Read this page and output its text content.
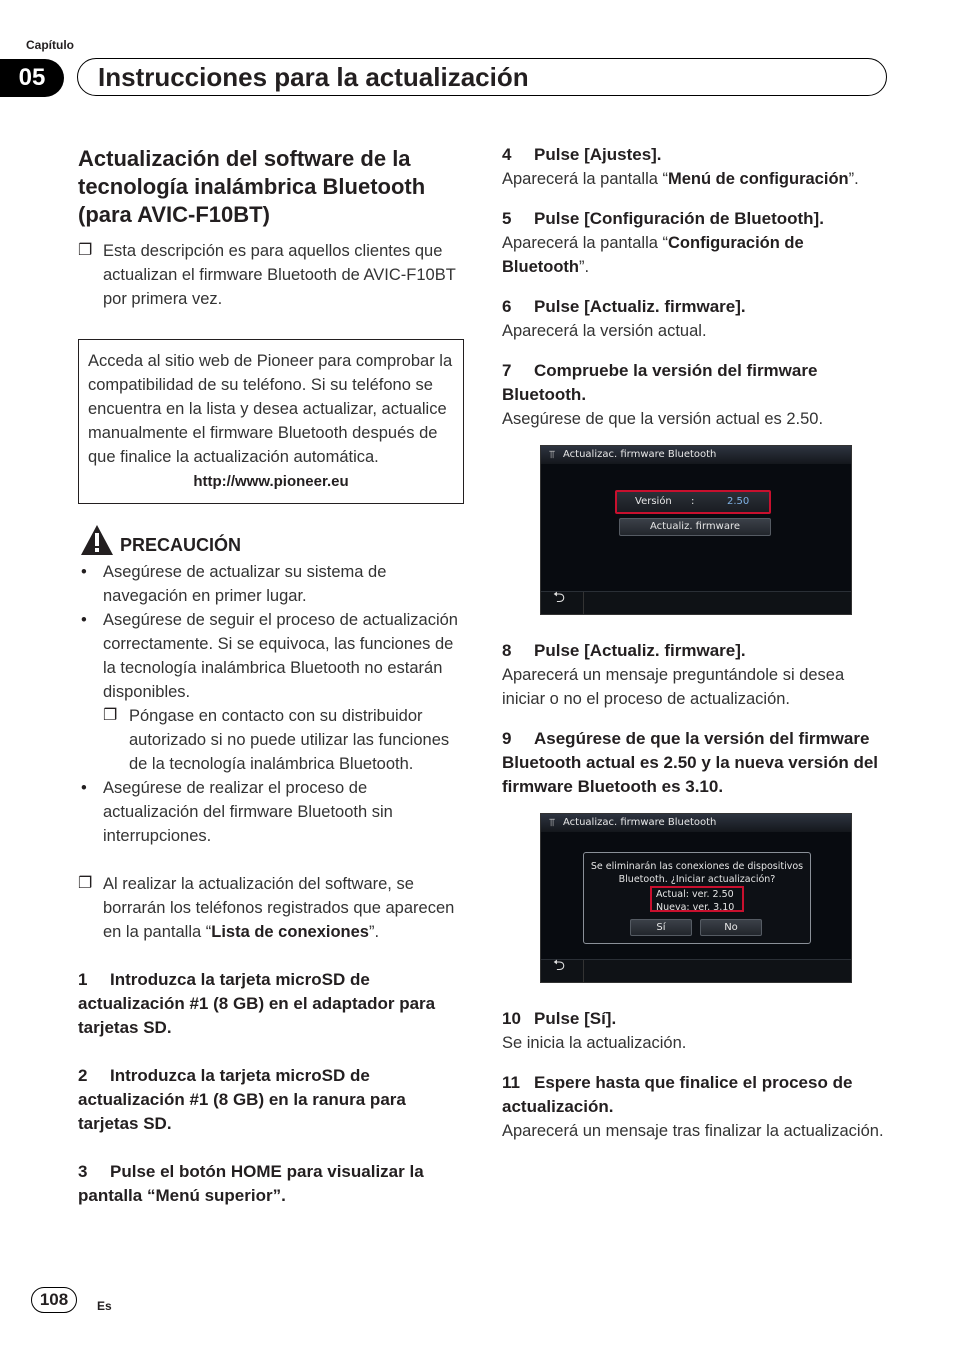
Capítulo
05	Instrucciones para la actualización
Actualización del software de la tecnología inalámbrica Bluetooth (para AVIC-F10BT)
❐ Esta descripción es para aquellos clientes que actualizan el firmware Bluetooth de AVIC-F10BT por primera vez.
Acceda al sitio web de Pioneer para comprobar la compatibilidad de su teléfono. Si su teléfono se encuentra en la lista y desea actualizar, actualice manualmente el firmware Bluetooth después de que finalice la actualización automática.
http://www.pioneer.eu
PRECAUCIÓN
• Asegúrese de actualizar su sistema de navegación en primer lugar.
• Asegúrese de seguir el proceso de actualización correctamente. Si se equivoca, las funciones de la tecnología inalámbrica Bluetooth no estarán disponibles.
❐ Póngase en contacto con su distribuidor autorizado si no puede utilizar las funciones de la tecnología inalámbrica Bluetooth.
• Asegúrese de realizar el proceso de actualización del firmware Bluetooth sin interrupciones.
❐ Al realizar la actualización del software, se borrarán los teléfonos registrados que aparecen en la pantalla “Lista de conexiones”.
1 Introduzca la tarjeta microSD de actualización #1 (8 GB) en el adaptador para tarjetas SD.
2 Introduzca la tarjeta microSD de actualización #1 (8 GB) en la ranura para tarjetas SD.
3 Pulse el botón HOME para visualizar la pantalla “Menú superior”.
4 Pulse [Ajustes].
Aparecerá la pantalla “Menú de configuración”.
5 Pulse [Configuración de Bluetooth].
Aparecerá la pantalla “Configuración de Bluetooth”.
6 Pulse [Actualiz. firmware].
Aparecerá la versión actual.
7 Compruebe la versión del firmware Bluetooth.
Asegúrese de que la versión actual es 2.50.
⫪ Actualizac. firmware Bluetooth
Versión :	2.50
Actualiz. firmware
⮌
8 Pulse [Actualiz. firmware].
Aparecerá un mensaje preguntándole si desea iniciar o no el proceso de actualización.
9 Asegúrese de que la versión del firmware Bluetooth actual es 2.50 y la nueva versión del firmware Bluetooth es 3.10.
⫪ Actualizac. firmware Bluetooth
Se eliminarán las conexiones de dispositivos
Bluetooth. ¿Iniciar actualización?
Actual: ver. 2.50
Nueva: ver. 3.10
Sí	No
⮌
10 Pulse [Sí].
Se inicia la actualización.
11 Espere hasta que finalice el proceso de actualización.
Aparecerá un mensaje tras finalizar la actualización.
108	Es
